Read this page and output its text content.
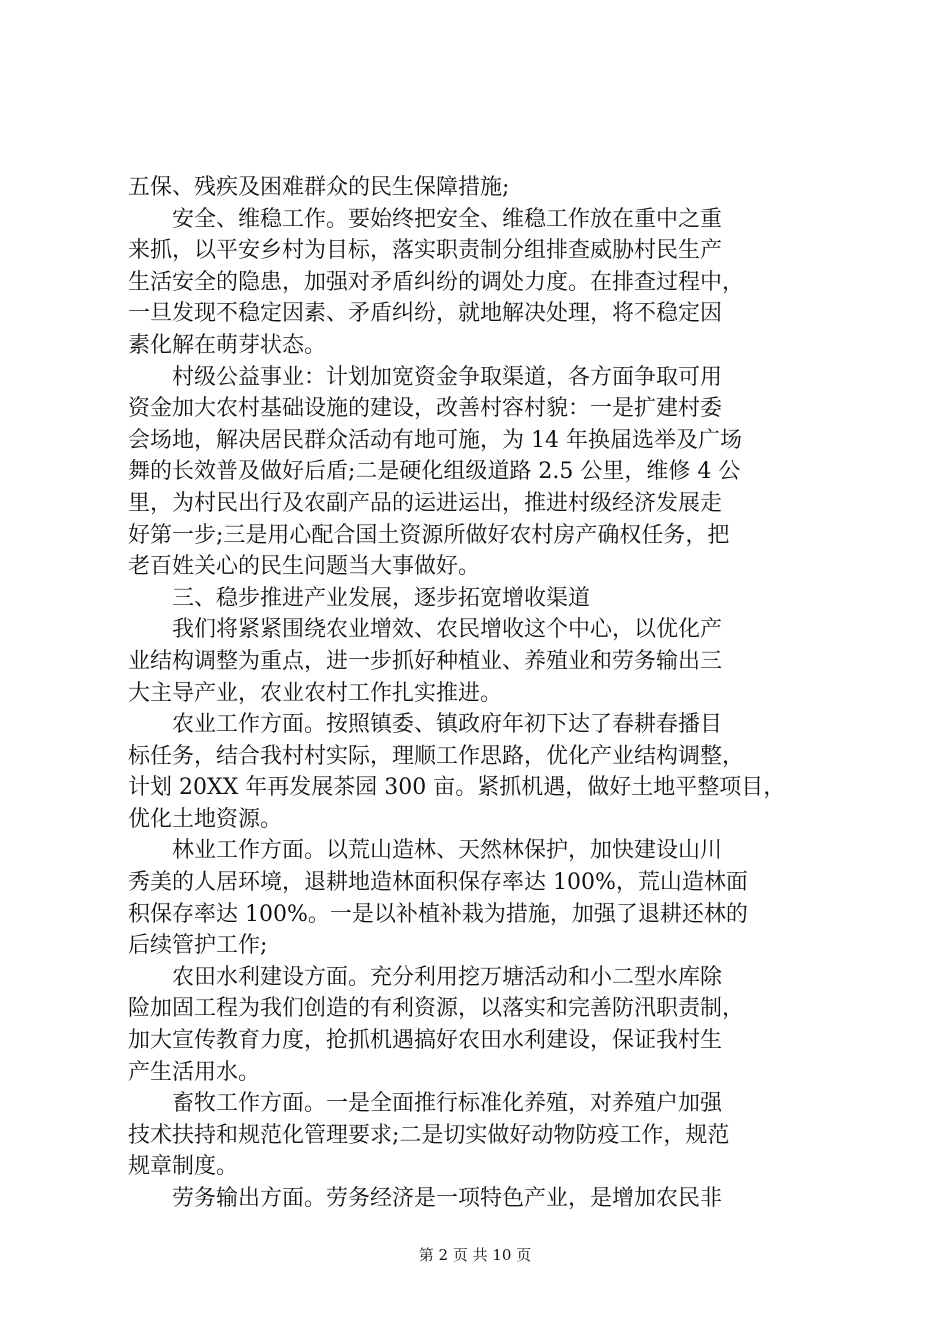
五保、残疾及困难群众的民生保障措施;
　　安全、维稳工作。要始终把安全、维稳工作放在重中之重
来抓，以平安乡村为目标，落实职责制分组排查威胁村民生产
生活安全的隐患，加强对矛盾纠纷的调处力度。在排查过程中，
一旦发现不稳定因素、矛盾纠纷，就地解决处理，将不稳定因
素化解在萌芽状态。
　　村级公益事业：计划加宽资金争取渠道，各方面争取可用
资金加大农村基础设施的建设，改善村容村貌：一是扩建村委
会场地，解决居民群众活动有地可施，为 14 年换届选举及广场
舞的长效普及做好后盾;二是硬化组级道路 2.5 公里，维修 4 公
里，为村民出行及农副产品的运进运出，推进村级经济发展走
好第一步;三是用心配合国土资源所做好农村房产确权任务，把
老百姓关心的民生问题当大事做好。
　　三、稳步推进产业发展，逐步拓宽增收渠道
　　我们将紧紧围绕农业增效、农民增收这个中心，以优化产
业结构调整为重点，进一步抓好种植业、养殖业和劳务输出三
大主导产业，农业农村工作扎实推进。
　　农业工作方面。按照镇委、镇政府年初下达了春耕春播目
标任务，结合我村村实际，理顺工作思路，优化产业结构调整，
计划 20XX 年再发展茶园 300 亩。紧抓机遇，做好土地平整项目，
优化土地资源。
　　林业工作方面。以荒山造林、天然林保护，加快建设山川
秀美的人居环境，退耕地造林面积保存率达 100%，荒山造林面
积保存率达 100%。一是以补植补栽为措施，加强了退耕还林的
后续管护工作;
　　农田水利建设方面。充分利用挖万塘活动和小二型水库除
险加固工程为我们创造的有利资源，以落实和完善防汛职责制，
加大宣传教育力度，抢抓机遇搞好农田水利建设，保证我村生
产生活用水。
　　畜牧工作方面。一是全面推行标准化养殖，对养殖户加强
技术扶持和规范化管理要求;二是切实做好动物防疫工作，规范
规章制度。
　　劳务输出方面。劳务经济是一项特色产业，是增加农民非
第 2 页 共 10 页
